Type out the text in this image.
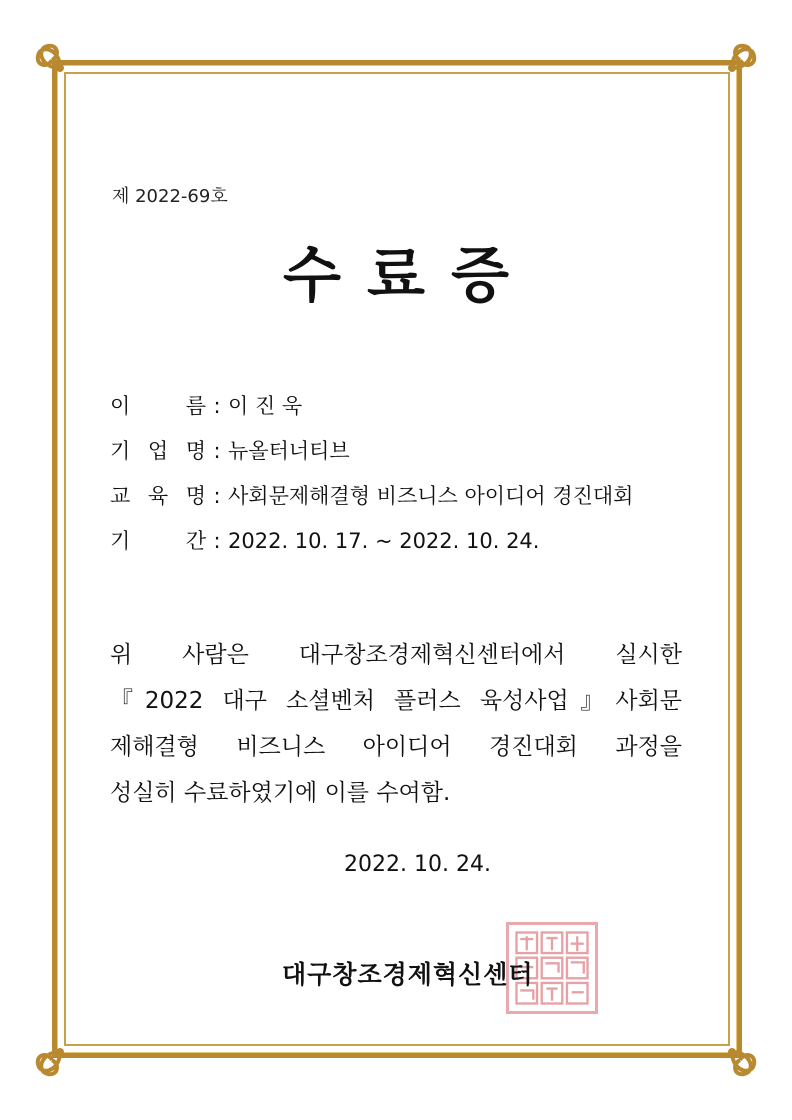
제 2022-69호
수료증
이	름 : 이 진 욱
기 업 명 : 뉴올터너티브
교 육 명 : 사회문제해결형 비즈니스 아이디어 경진대회
기	간 : 2022. 10. 17. ~ 2022. 10. 24.
위 사람은 대구창조경제혁신센터에서 실시한
『2022 대구 소셜벤처 플러스 육성사업』사회문
제해결형 비즈니스 아이디어 경진대회 과정을
성실히 수료하였기에 이를 수여함.
2022. 10. 24.
대구창조경제혁신센터
